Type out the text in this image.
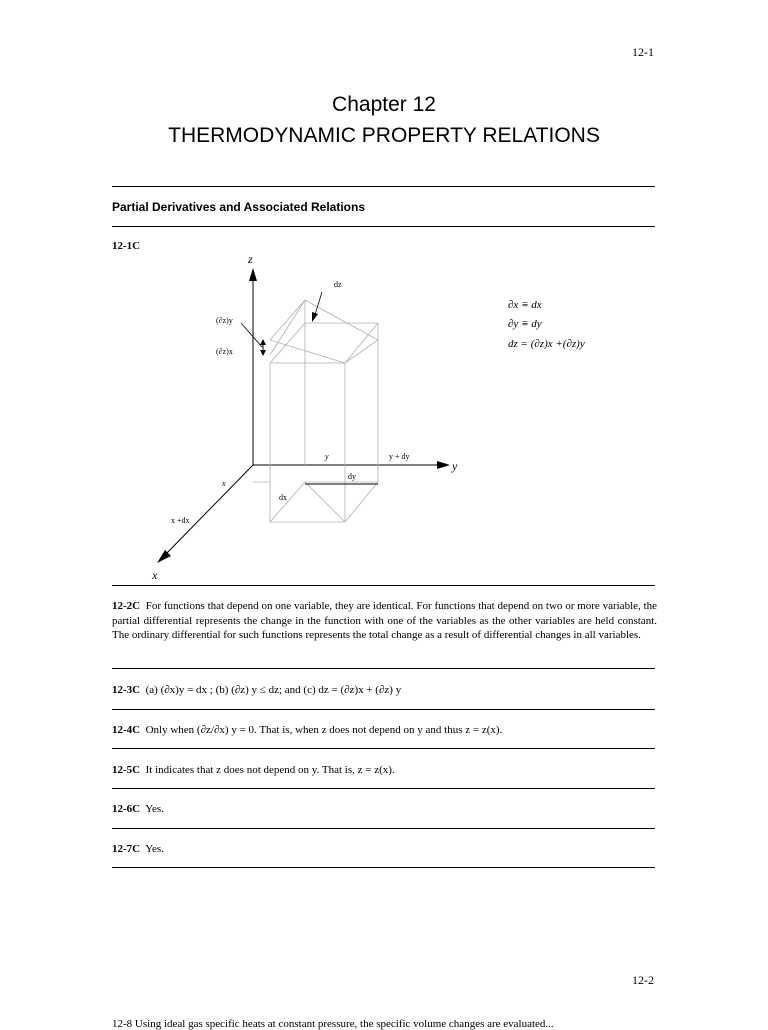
12-1
Chapter 12
THERMODYNAMIC PROPERTY RELATIONS
Partial Derivatives and Associated Relations
12-1C
z
y
x
dz
(∂z)y
(∂z)x
y	y + dy
dy
x
dx
x +dx
∂x ≡ dx
∂y ≡ dy
dz = (∂z)x +(∂z)y
12-2C For functions that depend on one variable, they are identical. For functions that depend on two or more variable, the partial differential represents the change in the function with one of the variables as the other variables are held constant. The ordinary differential for such functions represents the total change as a result of differential changes in all variables.
12-3C (a) (∂x)y = dx ; (b) (∂z) y ≤ dz; and (c) dz = (∂z)x + (∂z) y
12-4C Only when (∂z/∂x) y = 0. That is, when z does not depend on y and thus z = z(x).
12-5C It indicates that z does not depend on y. That is, z = z(x).
12-6C Yes.
12-7C Yes.
12-2
12-8 Using ideal gas specific heats at constant pressure, the specific volume changes are evaluated...
